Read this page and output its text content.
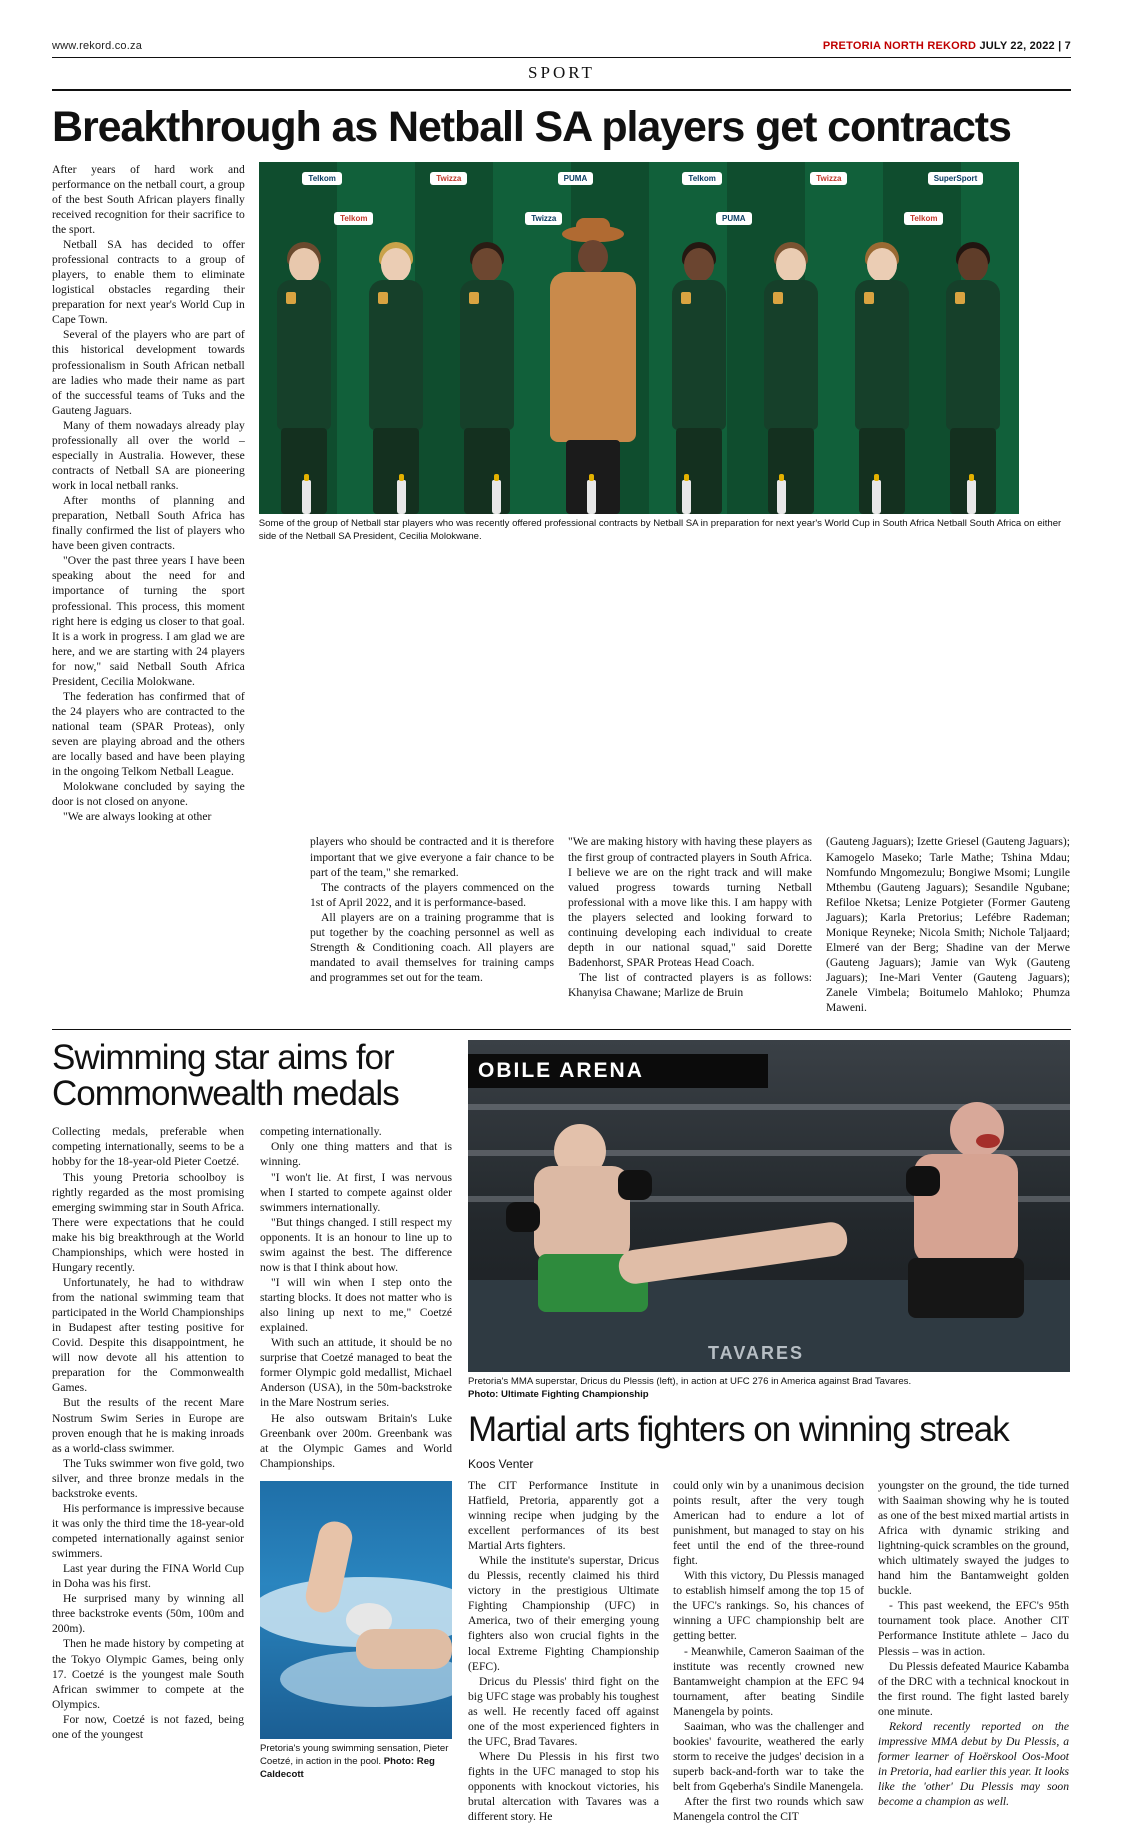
www.rekord.co.za	PRETORIA NORTH REKORD JULY 22, 2022 | 7
SPORT
Breakthrough as Netball SA players get contracts

After years of hard work and performance on the netball court, a group of the best South African players finally received recognition for their sacrifice to the sport.

Netball SA has decided to offer professional contracts to a group of players, to enable them to eliminate logistical obstacles regarding their preparation for next year's World Cup in Cape Town.

Several of the players who are part of this historical development towards professionalism in South African netball are ladies who made their name as part of the successful teams of Tuks and the Gauteng Jaguars.

Many of them nowadays already play professionally all over the world – especially in Australia. However, these contracts of Netball SA are pioneering work in local netball ranks.

After months of planning and preparation, Netball South Africa has finally confirmed the list of players who have been given contracts.

"Over the past three years I have been speaking about the need for and importance of turning the sport professional. This process, this moment right here is edging us closer to that goal. It is a work in progress. I am glad we are here, and we are starting with 24 players for now," said Netball South Africa President, Cecilia Molokwane.

The federation has confirmed that of the 24 players who are contracted to the national team (SPAR Proteas), only seven are playing abroad and the others are locally based and have been playing in the ongoing Telkom Netball League.

Molokwane concluded by saying the door is not closed on anyone.

"We are always looking at other

Telkom	Twizza	PUMA	Telkom	Twizza	SuperSport
Telkom	Twizza	PUMA	Telkom
Some of the group of Netball star players who was recently offered professional contracts by Netball SA in preparation for next year's World Cup in South Africa Netball South Africa on either side of the Netball SA President, Cecilia Molokwane.

players who should be contracted and it is therefore important that we give everyone a fair chance to be part of the team," she remarked.

The contracts of the players commenced on the 1st of April 2022, and it is performance-based.

All players are on a training programme that is put together by the coaching personnel as well as Strength & Conditioning coach. All players are mandated to avail themselves for training camps and programmes set out for the team.

"We are making history with having these players as the first group of contracted players in South Africa. I believe we are on the right track and will make valued progress towards turning Netball professional with a move like this. I am happy with the players selected and looking forward to continuing developing each individual to create depth in our national squad," said Dorette Badenhorst, SPAR Proteas Head Coach.

The list of contracted players is as follows: Khanyisa Chawane; Marlize de Bruin

(Gauteng Jaguars); Izette Griesel (Gauteng Jaguars); Kamogelo Maseko; Tarle Mathe; Tshina Mdau; Nomfundo Mngomezulu; Bongiwe Msomi; Lungile Mthembu (Gauteng Jaguars); Sesandile Ngubane; Refiloe Nketsa; Lenize Potgieter (Former Gauteng Jaguars); Karla Pretorius; Lefébre Rademan; Monique Reyneke; Nicola Smith; Nichole Taljaard; Elmeré van der Berg; Shadine van der Merwe (Gauteng Jaguars); Jamie van Wyk (Gauteng Jaguars); Ine-Mari Venter (Gauteng Jaguars); Zanele Vimbela; Boitumelo Mahloko; Phumza Maweni.

Swimming star aims for Commonwealth medals

Collecting medals, preferable when competing internationally, seems to be a hobby for the 18-year-old Pieter Coetzé.

This young Pretoria schoolboy is rightly regarded as the most promising emerging swimming star in South Africa. There were expectations that he could make his big breakthrough at the World Championships, which were hosted in Hungary recently.

Unfortunately, he had to withdraw from the national swimming team that participated in the World Championships in Budapest after testing positive for Covid. Despite this disappointment, he will now devote all his attention to preparation for the Commonwealth Games.

But the results of the recent Mare Nostrum Swim Series in Europe are proven enough that he is making inroads as a world-class swimmer.

The Tuks swimmer won five gold, two silver, and three bronze medals in the backstroke events.

His performance is impressive because it was only the third time the 18-year-old competed internationally against senior swimmers.

Last year during the FINA World Cup in Doha was his first.

He surprised many by winning all three backstroke events (50m, 100m and 200m).

Then he made history by competing at the Tokyo Olympic Games, being only 17. Coetzé is the youngest male South African swimmer to compete at the Olympics.

For now, Coetzé is not fazed, being one of the youngest

competing internationally.

Only one thing matters and that is winning.

"I won't lie. At first, I was nervous when I started to compete against older swimmers internationally.

"But things changed. I still respect my opponents. It is an honour to line up to swim against the best. The difference now is that I think about how.

"I will win when I step onto the starting blocks. It does not matter who is also lining up next to me," Coetzé explained.

With such an attitude, it should be no surprise that Coetzé managed to beat the former Olympic gold medallist, Michael Anderson (USA), in the 50m-backstroke in the Mare Nostrum series.

He also outswam Britain's Luke Greenbank over 200m. Greenbank was at the Olympic Games and World Championships.

Pretoria's young swimming sensation, Pieter Coetzé, in action in the pool. Photo: Reg Caldecott
OBILE ARENA
TAVARES
Pretoria's MMA superstar, Dricus du Plessis (left), in action at UFC 276 in America against Brad Tavares.
Photo: Ultimate Fighting Championship
Martial arts fighters on winning streak

Koos Venter

The CIT Performance Institute in Hatfield, Pretoria, apparently got a winning recipe when judging by the excellent performances of its best Martial Arts fighters.

While the institute's superstar, Dricus du Plessis, recently claimed his third victory in the prestigious Ultimate Fighting Championship (UFC) in America, two of their emerging young fighters also won crucial fights in the local Extreme Fighting Championship (EFC).

Dricus du Plessis' third fight on the big UFC stage was probably his toughest as well. He recently faced off against one of the most experienced fighters in the UFC, Brad Tavares.

Where Du Plessis in his first two fights in the UFC managed to stop his opponents with knockout victories, his brutal altercation with Tavares was a different story. He

could only win by a unanimous decision points result, after the very tough American had to endure a lot of punishment, but managed to stay on his feet until the end of the three-round fight.

With this victory, Du Plessis managed to establish himself among the top 15 of the UFC's rankings. So, his chances of winning a UFC championship belt are getting better.

- Meanwhile, Cameron Saaiman of the institute was recently crowned new Bantamweight champion at the EFC 94 tournament, after beating Sindile Manengela by points.

Saaiman, who was the challenger and bookies' favourite, weathered the early storm to receive the judges' decision in a superb back-and-forth war to take the belt from Gqeberha's Sindile Manengela.

After the first two rounds which saw Manengela control the CIT

youngster on the ground, the tide turned with Saaiman showing why he is touted as one of the best mixed martial artists in Africa with dynamic striking and lightning-quick scrambles on the ground, which ultimately swayed the judges to hand him the Bantamweight golden buckle.

- This past weekend, the EFC's 95th tournament took place. Another CIT Performance Institute athlete – Jaco du Plessis – was in action.

Du Plessis defeated Maurice Kabamba of the DRC with a technical knockout in the first round. The fight lasted barely one minute.

Rekord recently reported on the impressive MMA debut by Du Plessis, a former learner of Hoërskool Oos-Moot in Pretoria, had earlier this year. It looks like the 'other' Du Plessis may soon become a champion as well.
